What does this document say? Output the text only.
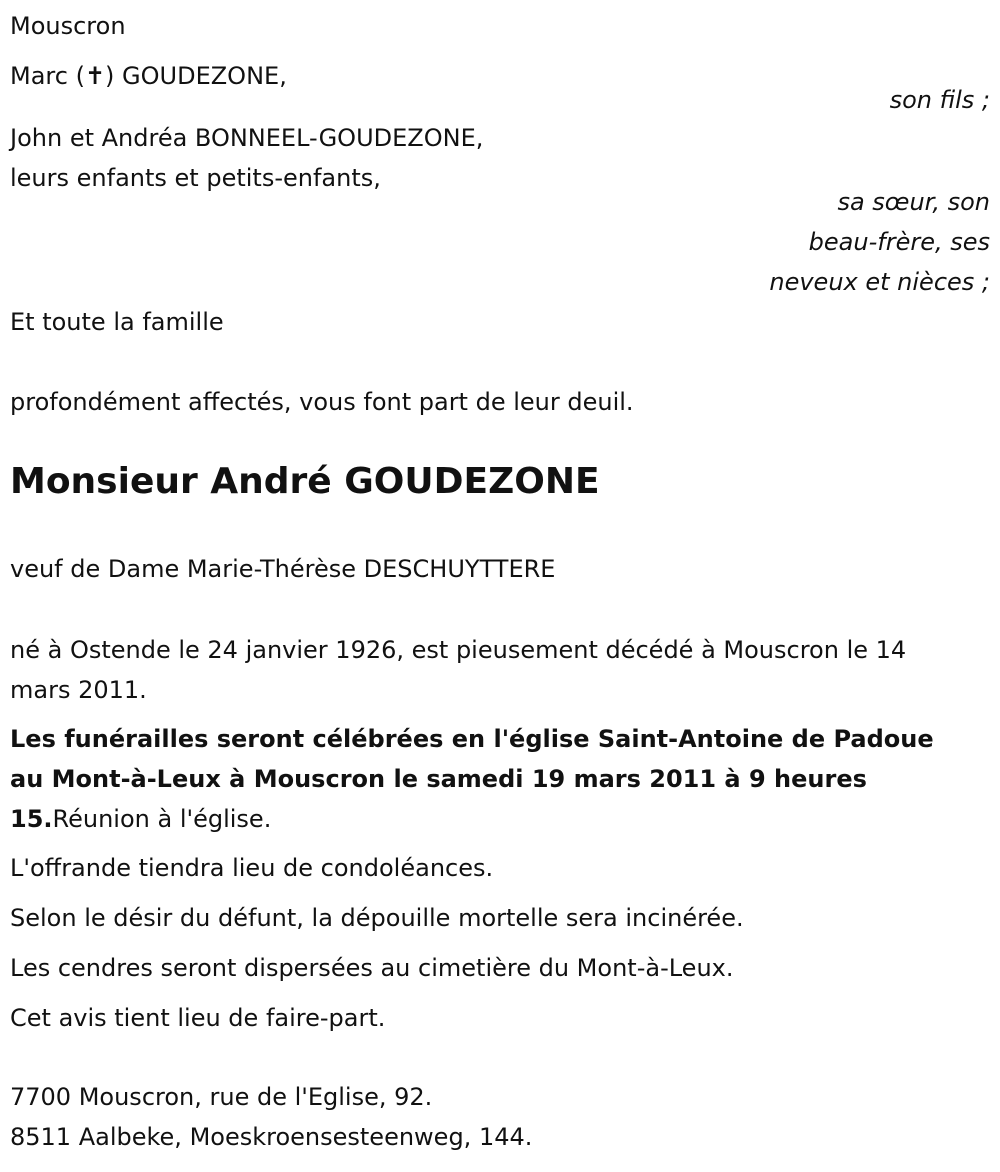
Mouscron
Marc (✝) GOUDEZONE,
son fils ;
John et Andréa BONNEEL-GOUDEZONE,
leurs enfants et petits-enfants,
sa sœur, son
beau-frère, ses
neveux et nièces ;
Et toute la famille
profondément affectés, vous font part de leur deuil.
Monsieur André GOUDEZONE
veuf de Dame Marie-Thérèse DESCHUYTTERE
né à Ostende le 24 janvier 1926, est pieusement décédé à Mouscron le 14
mars 2011.
Les funérailles seront célébrées en l'église Saint-Antoine de Padoue
au Mont-à-Leux à Mouscron le samedi 19 mars 2011 à 9 heures
15.Réunion à l'église.
L'offrande tiendra lieu de condoléances.
Selon le désir du défunt, la dépouille mortelle sera incinérée.
Les cendres seront dispersées au cimetière du Mont-à-Leux.
Cet avis tient lieu de faire-part.
7700 Mouscron, rue de l'Eglise, 92.
8511 Aalbeke, Moeskroensesteenweg, 144.
